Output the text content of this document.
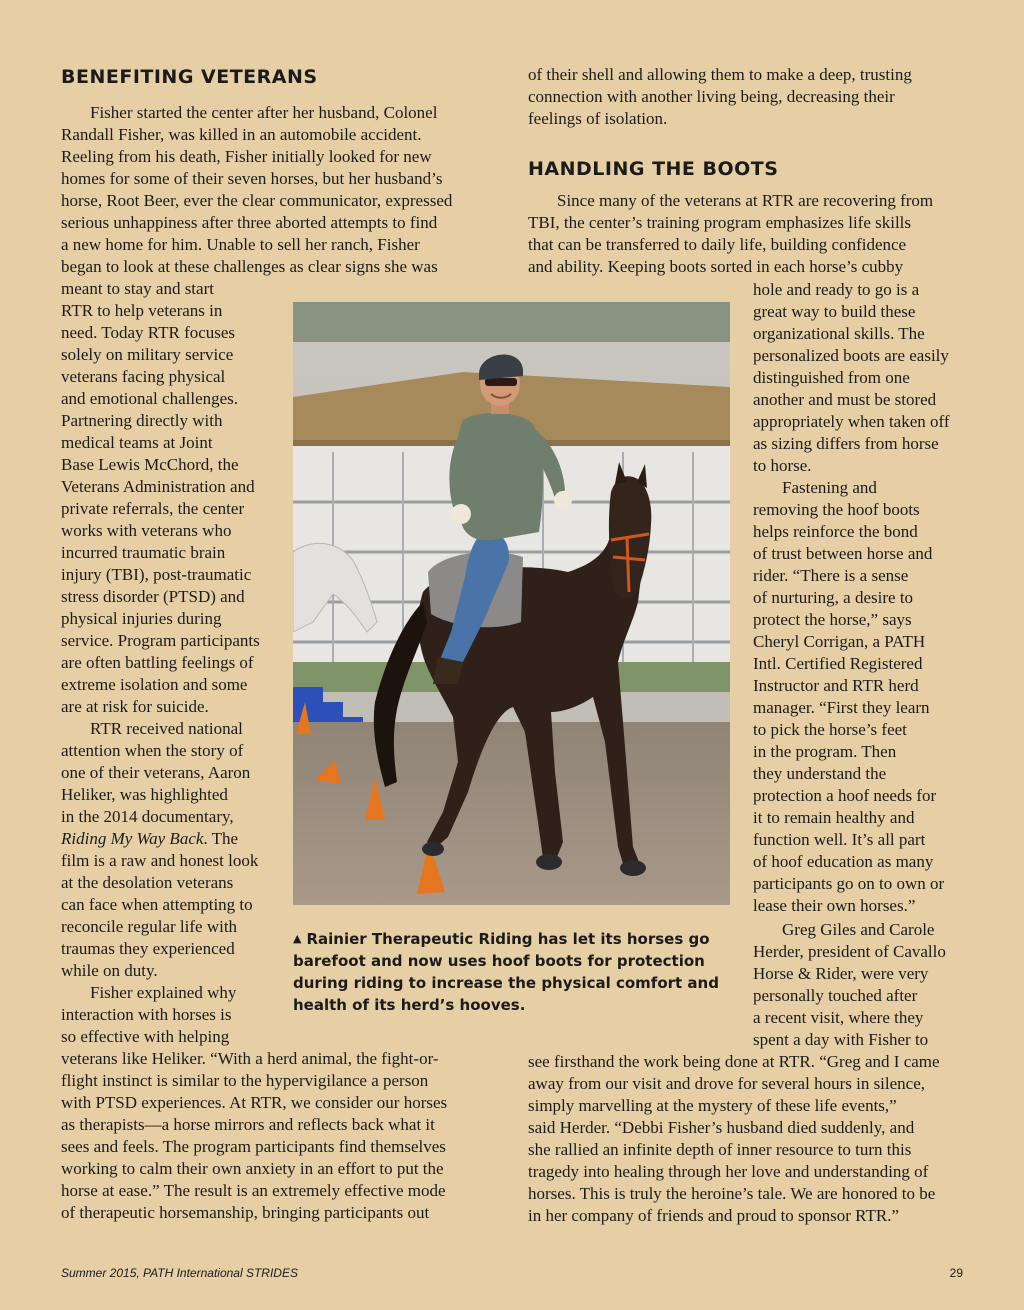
BENEFITING VETERANS
HANDLING THE BOOTS
Fisher started the center after her husband, Colonel
Randall Fisher, was killed in an automobile accident.
Reeling from his death, Fisher initially looked for new
homes for some of their seven horses, but her husband’s
horse, Root Beer, ever the clear communicator, expressed
serious unhappiness after three aborted attempts to find
a new home for him. Unable to sell her ranch, Fisher
began to look at these challenges as clear signs she was
meant to stay and start
RTR to help veterans in
need. Today RTR focuses
solely on military service
veterans facing physical
and emotional challenges.
Partnering directly with
medical teams at Joint
Base Lewis McChord, the
Veterans Administration and
private referrals, the center
works with veterans who
incurred traumatic brain
injury (TBI), post-traumatic
stress disorder (PTSD) and
physical injuries during
service. Program participants
are often battling feelings of
extreme isolation and some
are at risk for suicide.
RTR received national
attention when the story of
one of their veterans, Aaron
Heliker, was highlighted
in the 2014 documentary,
Riding My Way Back. The
film is a raw and honest look
at the desolation veterans
can face when attempting to
reconcile regular life with
traumas they experienced
while on duty.
Fisher explained why
interaction with horses is
so effective with helping
veterans like Heliker. “With a herd animal, the fight-or-
flight instinct is similar to the hypervigilance a person
with PTSD experiences. At RTR, we consider our horses
as therapists—a horse mirrors and reflects back what it
sees and feels. The program participants find themselves
working to calm their own anxiety in an effort to put the
horse at ease.” The result is an extremely effective mode
of therapeutic horsemanship, bringing participants out
of their shell and allowing them to make a deep, trusting
connection with another living being, decreasing their
feelings of isolation.
Since many of the veterans at RTR are recovering from
TBI, the center’s training program emphasizes life skills
that can be transferred to daily life, building confidence
and ability. Keeping boots sorted in each horse’s cubby
hole and ready to go is a
great way to build these
organizational skills. The
personalized boots are easily
distinguished from one
another and must be stored
appropriately when taken off
as sizing differs from horse
to horse.
Fastening and
removing the hoof boots
helps reinforce the bond
of trust between horse and
rider. “There is a sense
of nurturing, a desire to
protect the horse,” says
Cheryl Corrigan, a PATH
Intl. Certified Registered
Instructor and RTR herd
manager. “First they learn
to pick the horse’s feet
in the program. Then
they understand the
protection a hoof needs for
it to remain healthy and
function well. It’s all part
of hoof education as many
participants go on to own or
lease their own horses.”
Greg Giles and Carole
Herder, president of Cavallo
Horse & Rider, were very
personally touched after
a recent visit, where they
spent a day with Fisher to
see firsthand the work being done at RTR. “Greg and I came
away from our visit and drove for several hours in silence,
simply marvelling at the mystery of these life events,”
said Herder. “Debbi Fisher’s husband died suddenly, and
she rallied an infinite depth of inner resource to turn this
tragedy into healing through her love and understanding of
horses. This is truly the heroine’s tale. We are honored to be
in her company of friends and proud to sponsor RTR.”
▲ Rainier Therapeutic Riding has let its horses go barefoot and now uses hoof boots for protection during riding to increase the physical comfort and health of its herd’s hooves.
Summer 2015, PATH International STRIDES	29
